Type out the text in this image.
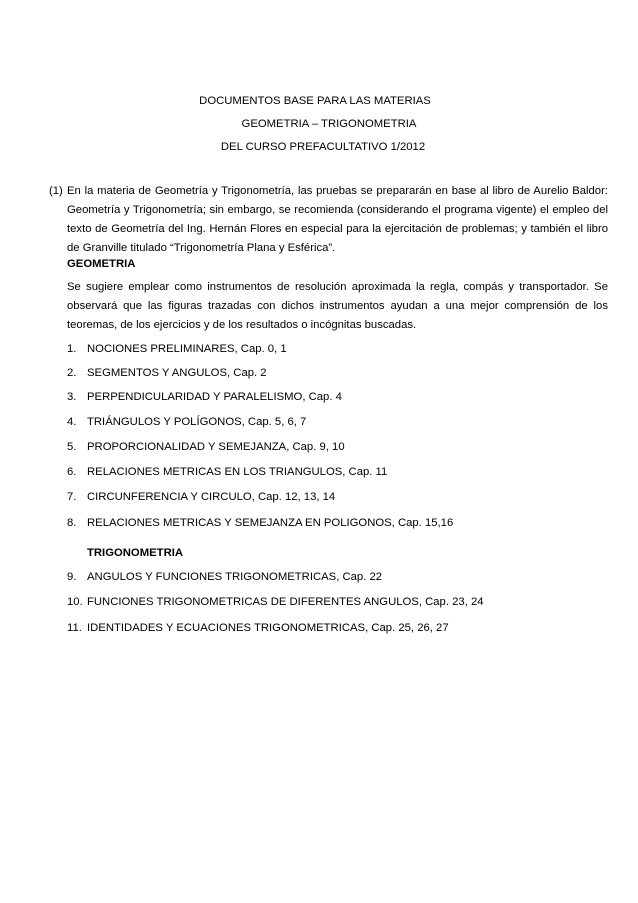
DOCUMENTOS BASE PARA LAS MATERIAS
GEOMETRIA – TRIGONOMETRIA
DEL CURSO PREFACULTATIVO 1/2012
(1) En la materia de Geometría y Trigonometría, las pruebas se prepararán en base al libro de Aurelio Baldor: Geometría y Trigonometría; sin embargo, se recomienda (considerando el programa vigente) el empleo del texto de Geometría del Ing. Hernán Flores en especial para la ejercitación de problemas; y también el libro de Granville titulado “Trigonometría Plana y Esférica”.
GEOMETRIA
Se sugiere emplear como instrumentos de resolución aproximada la regla, compás y transportador. Se observará que las figuras trazadas con dichos instrumentos ayudan a una mejor comprensión de los teoremas, de los ejercicios y de los resultados o incógnitas buscadas.
1. NOCIONES PRELIMINARES, Cap. 0, 1
2. SEGMENTOS Y ANGULOS, Cap. 2
3. PERPENDICULARIDAD Y PARALELISMO, Cap. 4
4. TRIÁNGULOS Y POLÍGONOS, Cap. 5, 6, 7
5. PROPORCIONALIDAD Y SEMEJANZA, Cap. 9, 10
6. RELACIONES METRICAS EN LOS TRIANGULOS, Cap. 11
7. CIRCUNFERENCIA Y CIRCULO, Cap. 12, 13, 14
8. RELACIONES METRICAS Y SEMEJANZA EN POLIGONOS, Cap. 15,16
TRIGONOMETRIA
9. ANGULOS Y FUNCIONES TRIGONOMETRICAS, Cap. 22
10. FUNCIONES TRIGONOMETRICAS DE DIFERENTES ANGULOS, Cap. 23, 24
11. IDENTIDADES Y ECUACIONES TRIGONOMETRICAS, Cap. 25, 26, 27
